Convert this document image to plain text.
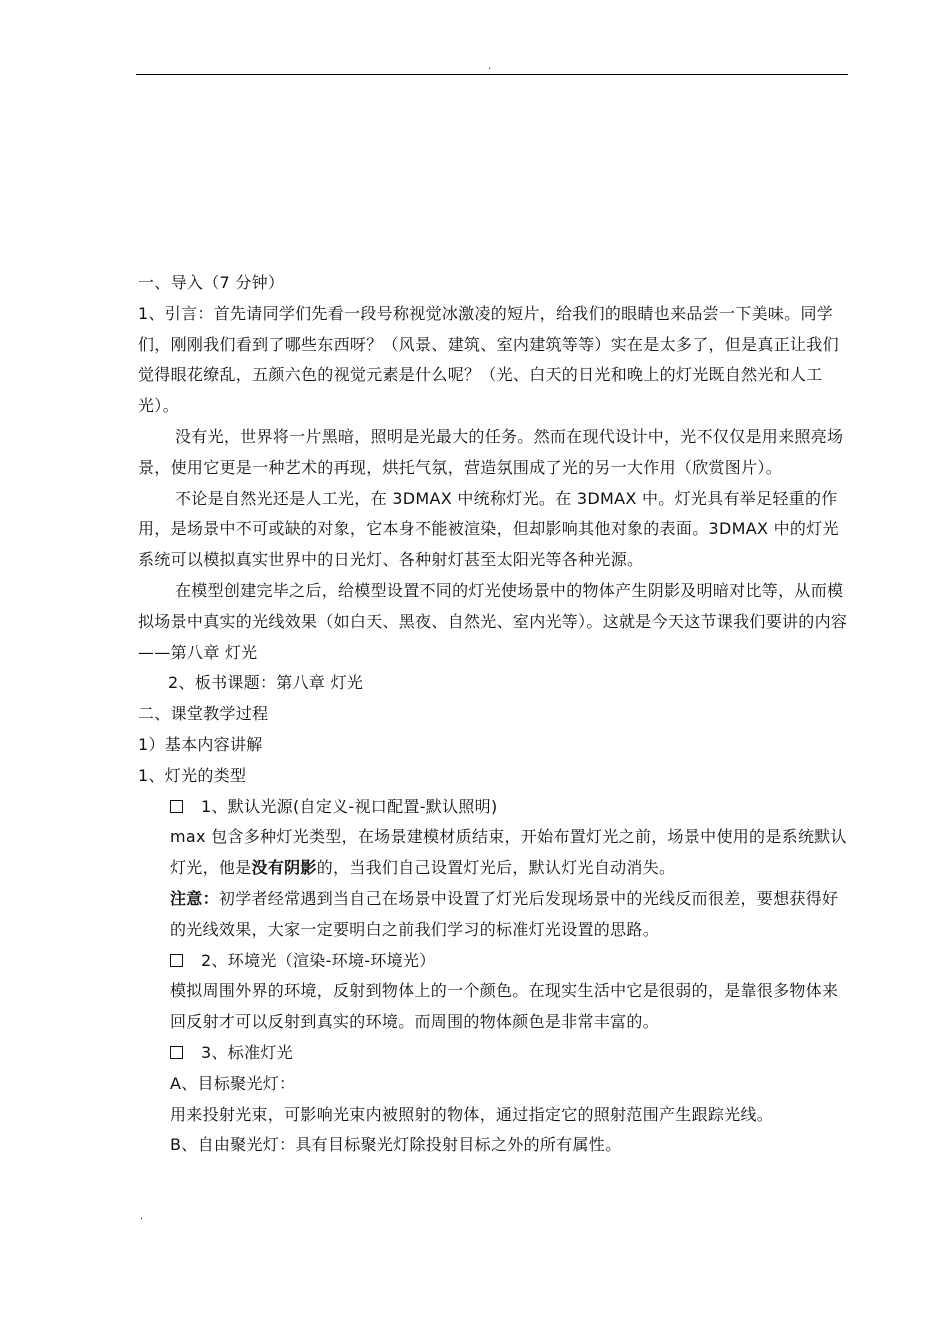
.

一、导入（7 分钟）

1、引言：首先请同学们先看一段号称视觉冰激凌的短片，给我们的眼睛也来品尝一下美味。同学们，刚刚我们看到了哪些东西呀？（风景、建筑、室内建筑等等）实在是太多了，但是真正让我们觉得眼花缭乱，五颜六色的视觉元素是什么呢？（光、白天的日光和晚上的灯光既自然光和人工光）。

没有光，世界将一片黑暗，照明是光最大的任务。然而在现代设计中，光不仅仅是用来照亮场景，使用它更是一种艺术的再现，烘托气氛，营造氛围成了光的另一大作用（欣赏图片）。

不论是自然光还是人工光，在 3DMAX 中统称灯光。在 3DMAX 中。灯光具有举足轻重的作用，是场景中不可或缺的对象，它本身不能被渲染，但却影响其他对象的表面。3DMAX 中的灯光系统可以模拟真实世界中的日光灯、各种射灯甚至太阳光等各种光源。

在模型创建完毕之后，给模型设置不同的灯光使场景中的物体产生阴影及明暗对比等，从而模拟场景中真实的光线效果（如白天、黑夜、自然光、室内光等）。这就是今天这节课我们要讲的内容——第八章 灯光

2、板书课题：第八章 灯光

二、课堂教学过程

1）基本内容讲解

1、灯光的类型

1、默认光源(自定义-视口配置-默认照明)

max 包含多种灯光类型，在场景建模材质结束，开始布置灯光之前，场景中使用的是系统默认灯光，他是没有阴影的，当我们自己设置灯光后，默认灯光自动消失。

注意：初学者经常遇到当自己在场景中设置了灯光后发现场景中的光线反而很差，要想获得好的光线效果，大家一定要明白之前我们学习的标准灯光设置的思路。

2、环境光（渲染-环境-环境光）

模拟周围外界的环境，反射到物体上的一个颜色。在现实生活中它是很弱的，是靠很多物体来回反射才可以反射到真实的环境。而周围的物体颜色是非常丰富的。

3、标准灯光

A、目标聚光灯：

用来投射光束，可影响光束内被照射的物体，通过指定它的照射范围产生跟踪光线。

B、自由聚光灯：具有目标聚光灯除投射目标之外的所有属性。

.
